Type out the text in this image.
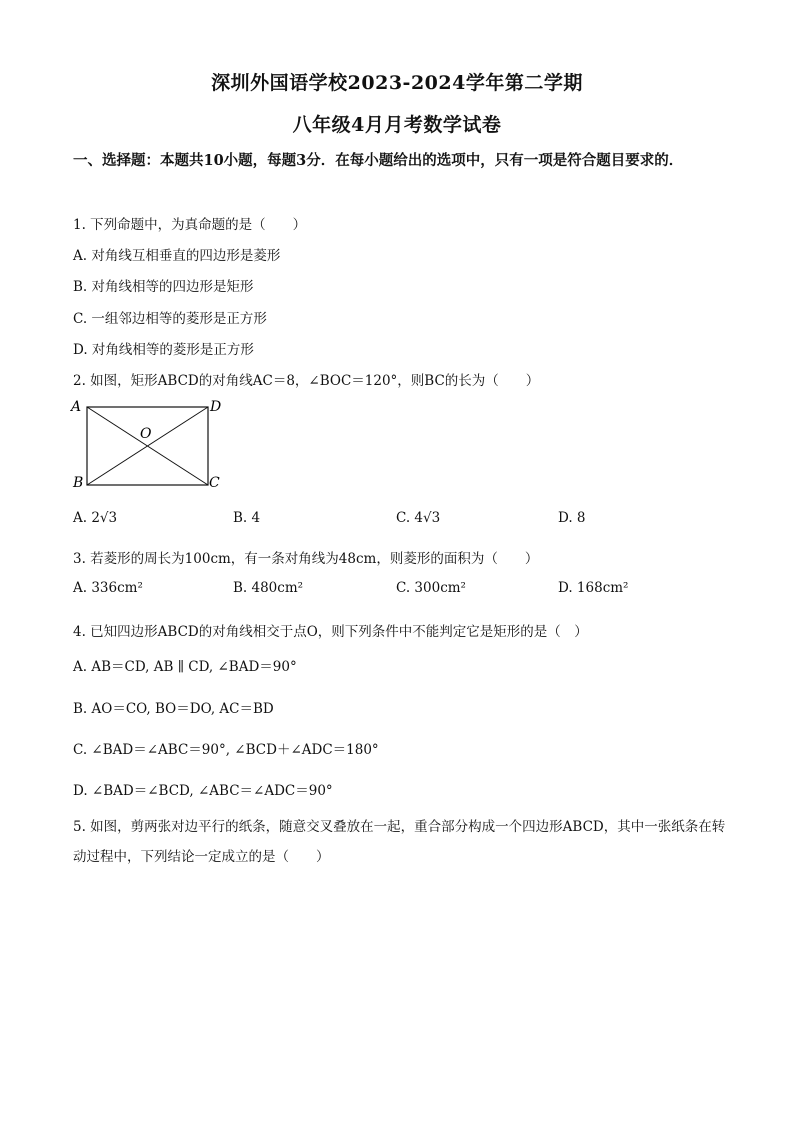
深圳外国语学校2023-2024学年第二学期
八年级4月月考数学试卷
一、选择题：本题共10小题，每题3分．在每小题给出的选项中，只有一项是符合题目要求的．
1. 下列命题中，为真命题的是（　　）
A. 对角线互相垂直的四边形是菱形
B. 对角线相等的四边形是矩形
C. 一组邻边相等的菱形是正方形
D. 对角线相等的菱形是正方形
2. 如图，矩形ABCD的对角线AC＝8，∠BOC＝120°，则BC的长为（　　）
A	D
B	C
O
A. 2√3	B. 4	C. 4√3	D. 8
3. 若菱形的周长为100cm，有一条对角线为48cm，则菱形的面积为（　　）
A. 336cm²	B. 480cm²	C. 300cm²	D. 168cm²
4. 已知四边形ABCD的对角线相交于点O，则下列条件中不能判定它是矩形的是（　）
A. AB＝CD, AB ∥ CD, ∠BAD＝90°
B. AO＝CO, BO＝DO, AC＝BD
C. ∠BAD＝∠ABC＝90°, ∠BCD＋∠ADC＝180°
D. ∠BAD＝∠BCD, ∠ABC＝∠ADC＝90°
5. 如图，剪两张对边平行的纸条，随意交叉叠放在一起，重合部分构成一个四边形ABCD，其中一张纸条在转动过程中，下列结论一定成立的是（　　）
